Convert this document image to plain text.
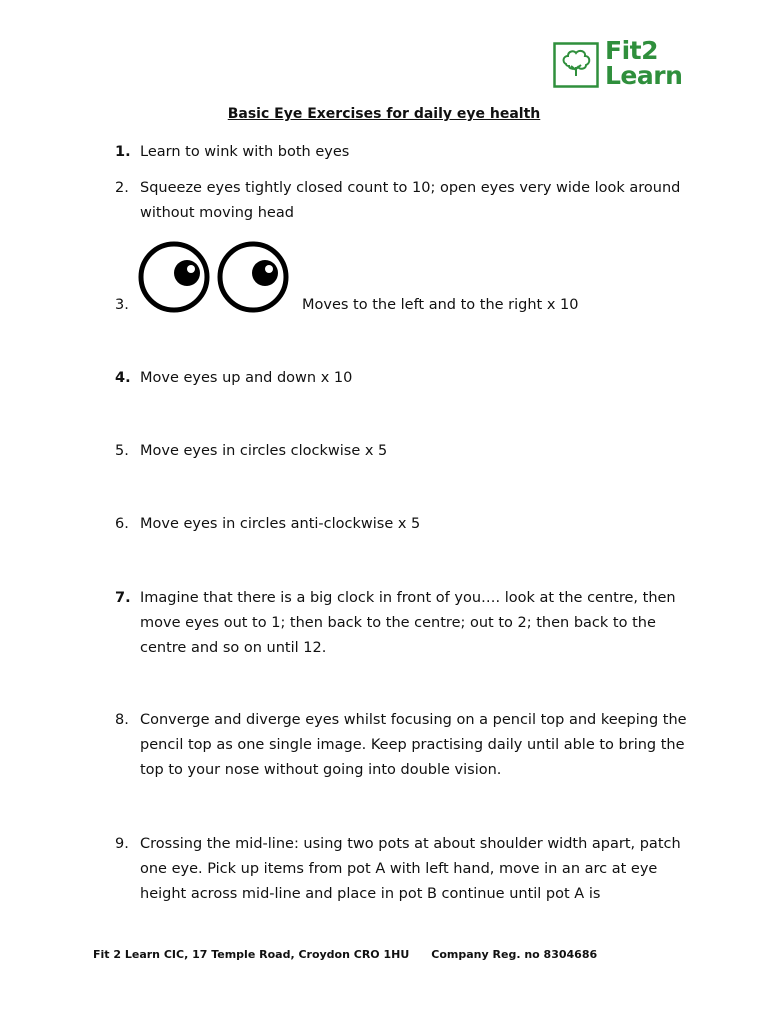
Fit2
Learn
Basic Eye Exercises for daily eye health
1. Learn to wink with both eyes
2. Squeeze eyes tightly closed count to 10; open eyes very wide look around without moving head
3.	Moves to the left and to the right x 10
4. Move eyes up and down x 10
5. Move eyes in circles clockwise x 5
6. Move eyes in circles anti-clockwise x 5
7. Imagine that there is a big clock in front of you…. look at the centre, then move eyes out to 1; then back to the centre; out to 2; then back to the centre and so on until 12.
8. Converge and diverge eyes whilst focusing on a pencil top and keeping the pencil top as one single image. Keep practising daily until able to bring the top to your nose without going into double vision.
9. Crossing the mid-line: using two pots at about shoulder width apart, patch one eye. Pick up items from pot A with left hand, move in an arc at eye height across mid-line and place in pot B continue until pot A is
Fit 2 Learn CIC, 17 Temple Road, Croydon CRO 1HU Company Reg. no 8304686
